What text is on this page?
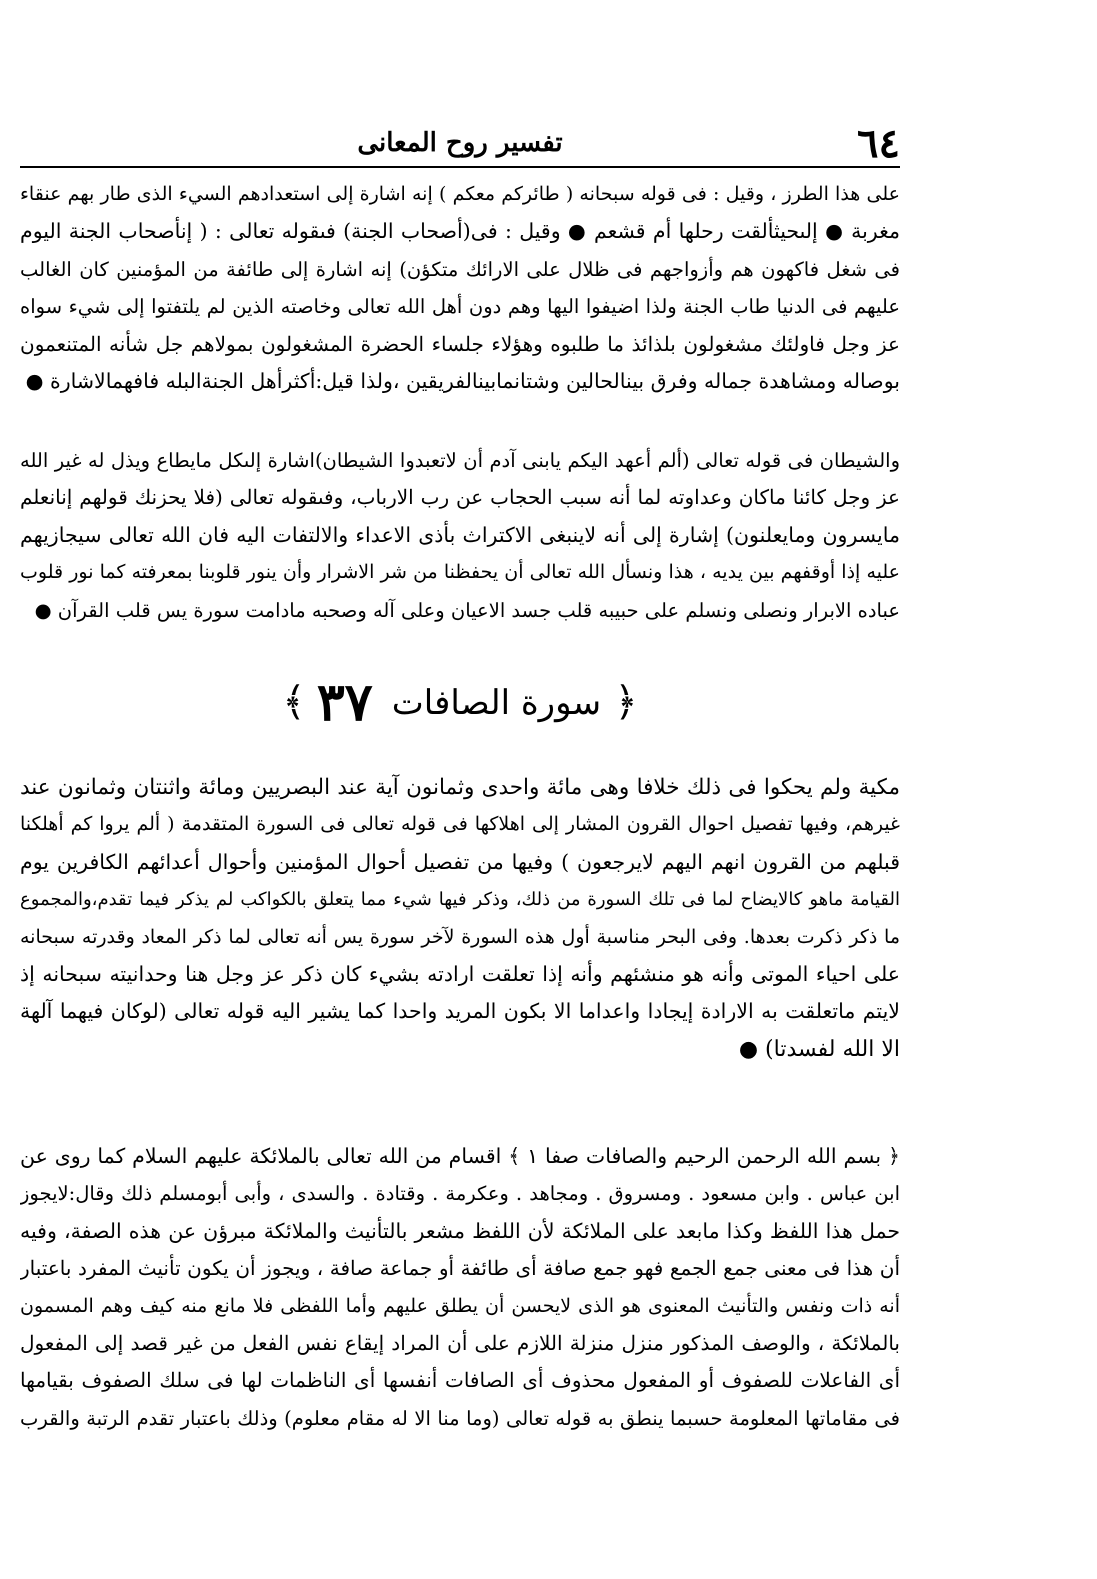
٦٤
تفسير روح المعانى

على هذا الطرز ، وقيل : فى قوله سبحانه ( طائركم معكم ) إنه اشارة إلى استعدادهم السيء الذى طار بهم عنقاء
مغربة ● إلىحيثألقت رحلها أم قشعم ● وقيل : فى(أصحاب الجنة) فىقوله تعالى : ( إنأصحاب الجنة اليوم
فى شغل فاكهون هم وأزواجهم فى ظلال على الارائك متكؤن) إنه اشارة إلى طائفة من المؤمنين كان الغالب
عليهم فى الدنيا طاب الجنة ولذا اضيفوا اليها وهم دون أهل الله تعالى وخاصته الذين لم يلتفتوا إلى شيء سواه
عز وجل فاولئك مشغولون بلذائذ ما طلبوه وهؤلاء جلساء الحضرة المشغولون بمولاهم جل شأنه المتنعمون
بوصاله ومشاهدة جماله وفرق بينالحالين وشتانمابينالفريقين ،ولذا قيل:أكثرأهل الجنةالبله فافهمالاشارة ●

والشيطان فى قوله تعالى (ألم أعهد اليكم يابنى آدم أن لاتعبدوا الشيطان)اشارة إلىكل مايطاع ويذل له غير الله
عز وجل كائنا ماكان وعداوته لما أنه سبب الحجاب عن رب الارباب، وفىقوله تعالى (فلا يحزنك قولهم إنانعلم
مايسرون ومايعلنون) إشارة إلى أنه لاينبغى الاكتراث بأذى الاعداء والالتفات اليه فان الله تعالى سيجازيهم
عليه إذا أوقفهم بين يديه ، هذا ونسأل الله تعالى أن يحفظنا من شر الاشرار وأن ينور قلوبنا بمعرفته كما نور قلوب
عباده الابرار ونصلى ونسلم على حبيبه قلب جسد الاعيان وعلى آله وصحبه مادامت سورة يس قلب القرآن ●

﴿ سورة الصافات ٣٧ ﴾

مكية ولم يحكوا فى ذلك خلافا وهى مائة واحدى وثمانون آية عند البصريين ومائة واثنتان وثمانون عند
غيرهم، وفيها تفصيل احوال القرون المشار إلى اهلاكها فى قوله تعالى فى السورة المتقدمة ( ألم يروا كم أهلكنا
قبلهم من القرون انهم اليهم لايرجعون ) وفيها من تفصيل أحوال المؤمنين وأحوال أعدائهم الكافرين يوم
القيامة ماهو كالايضاح لما فى تلك السورة من ذلك، وذكر فيها شيء مما يتعلق بالكواكب لم يذكر فيما تقدم،والمجموع
ما ذكر ذكرت بعدها. وفى البحر مناسبة أول هذه السورة لآخر سورة يس أنه تعالى لما ذكر المعاد وقدرته سبحانه
على احياء الموتى وأنه هو منشئهم وأنه إذا تعلقت ارادته بشيء كان ذكر عز وجل هنا وحدانيته سبحانه إذ
لايتم ماتعلقت به الارادة إيجادا واعداما الا بكون المريد واحدا كما يشير اليه قوله تعالى (لوكان فيهما آلهة
الا الله لفسدتا) ●

﴿ بسم الله الرحمن الرحيم والصافات صفا ١ ﴾ اقسام من الله تعالى بالملائكة عليهم السلام كما روى عن
ابن عباس . وابن مسعود . ومسروق . ومجاهد . وعكرمة . وقتادة . والسدى ، وأبى أبومسلم ذلك وقال:لايجوز
حمل هذا اللفظ وكذا مابعد على الملائكة لأن اللفظ مشعر بالتأنيث والملائكة مبرؤن عن هذه الصفة، وفيه
أن هذا فى معنى جمع الجمع فهو جمع صافة أى طائفة أو جماعة صافة ، ويجوز أن يكون تأنيث المفرد باعتبار
أنه ذات ونفس والتأنيث المعنوى هو الذى لايحسن أن يطلق عليهم وأما اللفظى فلا مانع منه كيف وهم المسمون
بالملائكة ، والوصف المذكور منزل منزلة اللازم على أن المراد إيقاع نفس الفعل من غير قصد إلى المفعول
أى الفاعلات للصفوف أو المفعول محذوف أى الصافات أنفسها أى الناظمات لها فى سلك الصفوف بقيامها
فى مقاماتها المعلومة حسبما ينطق به قوله تعالى (وما منا الا له مقام معلوم) وذلك باعتبار تقدم الرتبة والقرب
